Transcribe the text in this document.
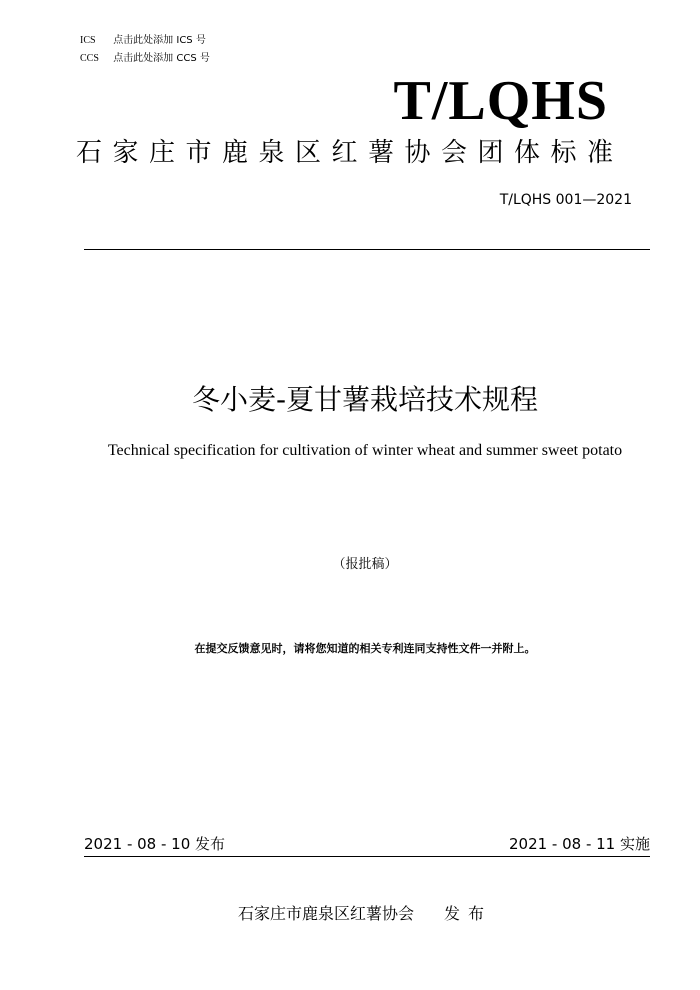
ICS 点击此处添加 ICS 号
CCS 点击此处添加 CCS 号
T/LQHS
石家庄市鹿泉区红薯协会团体标准
T/LQHS 001—2021
冬小麦-夏甘薯栽培技术规程
Technical specification for cultivation of winter wheat and summer sweet potato
（报批稿）
在提交反馈意见时，请将您知道的相关专利连同支持性文件一并附上。
2021 - 08 - 10 发布	2021 - 08 - 11 实施
石家庄市鹿泉区红薯协会 发布
